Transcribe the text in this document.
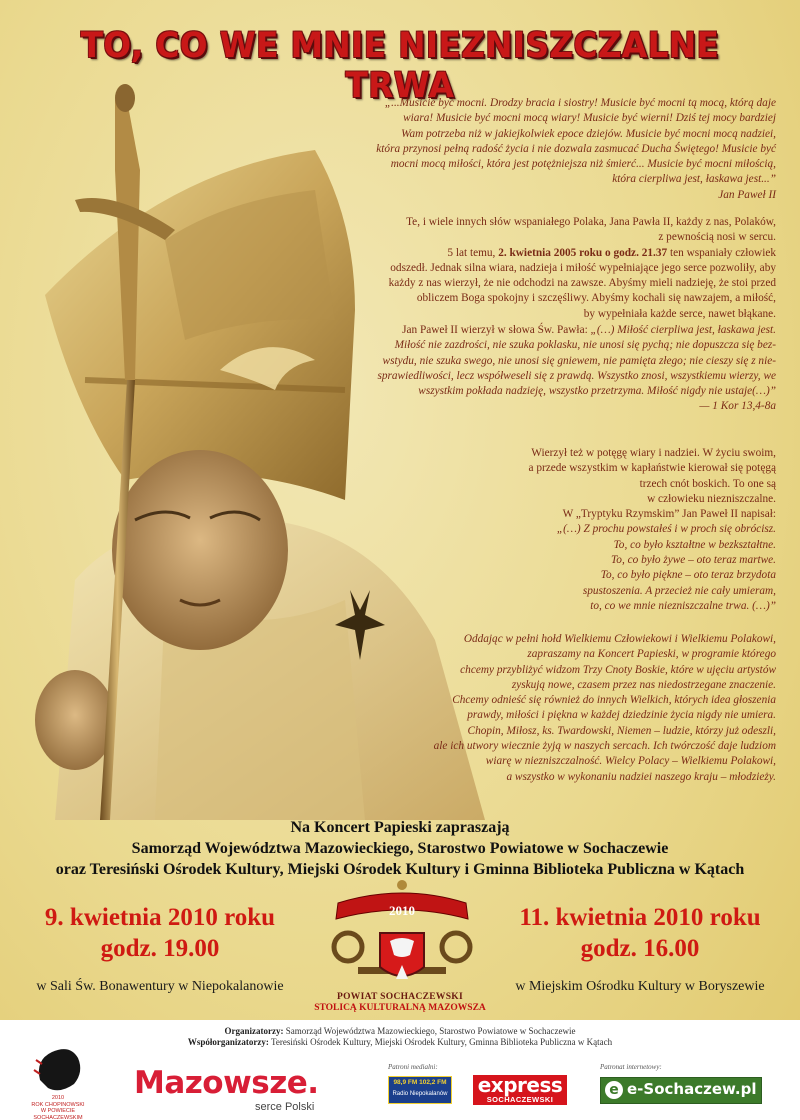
TO, CO WE MNIE NIEZNISZCZALNE TRWA
„...Musicie być mocni. Drodzy bracia i siostry! Musicie być mocni tą mocą, którą daje
wiara! Musicie być mocni mocą wiary! Musicie być wierni! Dziś tej mocy bardziej
Wam potrzeba niż w jakiejkolwiek epoce dziejów. Musicie być mocni mocą nadziei,
która przynosi pełną radość życia i nie dozwala zasmucać Ducha Świętego! Musicie być
mocni mocą miłości, która jest potężniejsza niż śmierć... Musicie być mocni miłością,
która cierpliwa jest, łaskawa jest...”
Jan Paweł II
Te, i wiele innych słów wspaniałego Polaka, Jana Pawła II, każdy z nas, Polaków,
z pewnością nosi w sercu.
5 lat temu, 2. kwietnia 2005 roku o godz. 21.37 ten wspaniały człowiek
odszedł. Jednak silna wiara, nadzieja i miłość wypełniające jego serce pozwoliły, aby
każdy z nas wierzył, że nie odchodzi na zawsze. Abyśmy mieli nadzieję, że stoi przed
obliczem Boga spokojny i szczęśliwy. Abyśmy kochali się nawzajem, a miłość,
by wypełniała każde serce, nawet błąkane.
Jan Paweł II wierzył w słowa Św. Pawła: „(…) Miłość cierpliwa jest, łaskawa jest.
Miłość nie zazdrości, nie szuka poklasku, nie unosi się pychą; nie dopuszcza się bez-
wstydu, nie szuka swego, nie unosi się gniewem, nie pamięta złego; nie cieszy się z nie-
sprawiedliwości, lecz współweseli się z prawdą. Wszystko znosi, wszystkiemu wierzy, we
wszystkim pokłada nadzieję, wszystko przetrzyma. Miłość nigdy nie ustaje(…)”
— 1 Kor 13,4-8a
Wierzył też w potęgę wiary i nadziei. W życiu swoim,
a przede wszystkim w kapłaństwie kierował się potęgą
trzech cnót boskich. To one są
w człowieku niezniszczalne.
W „Tryptyku Rzymskim” Jan Paweł II napisał:
„(…) Z prochu powstałeś i w proch się obrócisz.
To, co było kształtne w bezkształtne.
To, co było żywe – oto teraz martwe.
To, co było piękne – oto teraz brzydota
spustoszenia. A przecież nie cały umieram,
to, co we mnie niezniszczalne trwa. (…)”
Oddając w pełni hołd Wielkiemu Człowiekowi i Wielkiemu Polakowi,
zapraszamy na Koncert Papieski, w programie którego
chcemy przybliżyć widzom Trzy Cnoty Boskie, które w ujęciu artystów
zyskują nowe, czasem przez nas niedostrzegane znaczenie.
Chcemy odnieść się również do innych Wielkich, których idea głoszenia
prawdy, miłości i piękna w każdej dziedzinie życia nigdy nie umiera.
Chopin, Miłosz, ks. Twardowski, Niemen – ludzie, którzy już odeszli,
ale ich utwory wiecznie żyją w naszych sercach. Ich twórczość daje ludziom
wiarę w niezniszczalność. Wielcy Polacy – Wielkiemu Polakowi,
a wszystko w wykonaniu nadziei naszego kraju – młodzieży.
Na Koncert Papieski zapraszają
Samorząd Województwa Mazowieckiego, Starostwo Powiatowe w Sochaczewie
oraz Teresiński Ośrodek Kultury, Miejski Ośrodek Kultury i Gminna Biblioteka Publiczna w Kątach
9. kwietnia 2010 roku
godz. 19.00
w Sali Św. Bonawentury w Niepokalanowie
11. kwietnia 2010 roku
godz. 16.00
w Miejskim Ośrodku Kultury w Boryszewie
2010
POWIAT SOCHACZEWSKI
STOLICĄ KULTURALNĄ MAZOWSZA
Organizatorzy: Samorząd Województwa Mazowieckiego, Starostwo Powiatowe w Sochaczewie
Współorganizatorzy: Teresiński Ośrodek Kultury, Miejski Ośrodek Kultury, Gminna Biblioteka Publiczna w Kątach
2010
ROK CHOPINOWSKI
W POWIECIE SOCHACZEWSKIM
Mazowsze.
serce Polski
Patroni medialni:
98,9 FM 102,2 FM
Radio Niepokalanów express
SOCHACZEWSKI
Patronat internetowy:
e e-Sochaczew.pl
